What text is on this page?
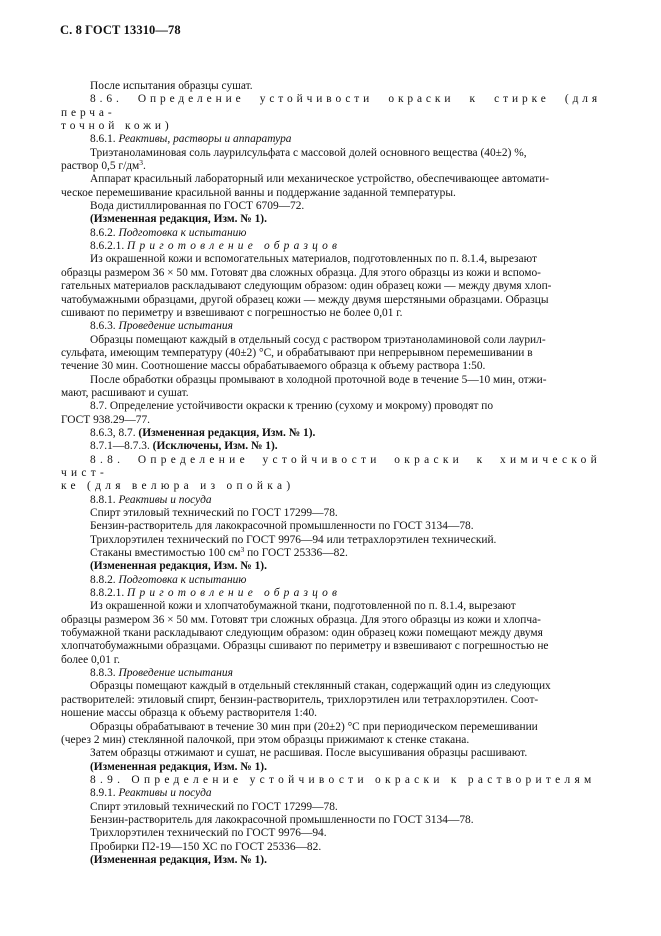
С. 8 ГОСТ 13310—78

После испытания образцы сушат.

8.6. Определение устойчивости окраски к стирке (для перча-

точной кожи)

8.6.1. Реактивы, растворы и аппаратура

Триэтаноламиновая соль лаурилсульфата с массовой долей основного вещества (40±2) %,

раствор 0,5 $г/дм^3$.

Аппарат красильный лабораторный или механическое устройство, обеспечивающее автомати-

ческое перемешивание красильной ванны и поддержание заданной температуры.

Вода дистиллированная по ГОСТ 6709—72.

(Измененная редакция, Изм. № 1).

8.6.2. Подготовка к испытанию

8.6.2.1. Приготовление образцов

Из окрашенной кожи и вспомогательных материалов, подготовленных по п. 8.1.4, вырезают

образцы размером 36 × 50 мм. Готовят два сложных образца. Для этого образцы из кожи и вспомо-

гательных материалов раскладывают следующим образом: один образец кожи — между двумя хлоп-

чатобумажными образцами, другой образец кожи — между двумя шерстяными образцами. Образцы

сшивают по периметру и взвешивают с погрешностью не более 0,01 г.

8.6.3. Проведение испытания

Образцы помещают каждый в отдельный сосуд с раствором триэтаноламиновой соли лаурил-

сульфата, имеющим температуру (40±2) °С, и обрабатывают при непрерывном перемешивании в

течение 30 мин. Соотношение массы обрабатываемого образца к объему раствора 1:50.

После обработки образцы промывают в холодной проточной воде в течение 5—10 мин, отжи-

мают, расшивают и сушат.

8.7. Определение устойчивости окраски к трению (сухому и мокрому) проводят по

ГОСТ 938.29—77.

8.6.3, 8.7. (Измененная редакция, Изм. № 1).

8.7.1—8.7.3. (Исключены, Изм. № 1).

8.8. Определение устойчивости окраски к химической чист-

ке (для велюра из опойка)

8.8.1. Реактивы и посуда

Спирт этиловый технический по ГОСТ 17299—78.

Бензин-растворитель для лакокрасочной промышленности по ГОСТ 3134—78.

Трихлорэтилен технический по ГОСТ 9976—94 или тетрахлорэтилен технический.

Стаканы вместимостью 100 $см^3$ по ГОСТ 25336—82.

(Измененная редакция, Изм. № 1).

8.8.2. Подготовка к испытанию

8.8.2.1. Приготовление образцов

Из окрашенной кожи и хлопчатобумажной ткани, подготовленной по п. 8.1.4, вырезают

образцы размером 36 × 50 мм. Готовят три сложных образца. Для этого образцы из кожи и хлопча-

тобумажной ткани раскладывают следующим образом: один образец кожи помещают между двумя

хлопчатобумажными образцами. Образцы сшивают по периметру и взвешивают с погрешностью не

более 0,01 г.

8.8.3. Проведение испытания

Образцы помещают каждый в отдельный стеклянный стакан, содержащий один из следующих

растворителей: этиловый спирт, бензин-растворитель, трихлорэтилен или тетрахлорэтилен. Соот-

ношение массы образца к объему растворителя 1:40.

Образцы обрабатывают в течение 30 мин при (20±2) °С при периодическом перемешивании

(через 2 мин) стеклянной палочкой, при этом образцы прижимают к стенке стакана.

Затем образцы отжимают и сушат, не расшивая. После высушивания образцы расшивают.

(Измененная редакция, Изм. № 1).

8.9. Определение устойчивости окраски к растворителям

8.9.1. Реактивы и посуда

Спирт этиловый технический по ГОСТ 17299—78.

Бензин-растворитель для лакокрасочной промышленности по ГОСТ 3134—78.

Трихлорэтилен технический по ГОСТ 9976—94.

Пробирки П2-19—150 ХС по ГОСТ 25336—82.

(Измененная редакция, Изм. № 1).
